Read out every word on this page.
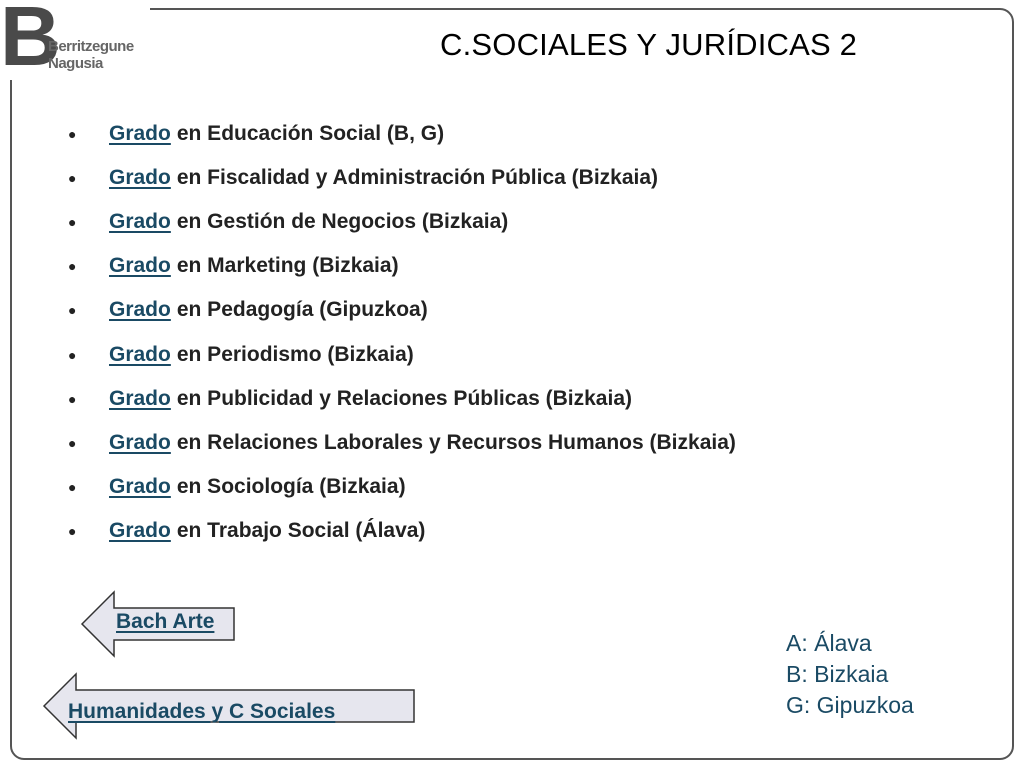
B
Berritzegune
Nagusia
C.SOCIALES Y JURÍDICAS 2
●	Grado en Educación Social (B, G)
●	Grado en Fiscalidad y Administración Pública (Bizkaia)
●	Grado en Gestión de Negocios (Bizkaia)
●	Grado en Marketing (Bizkaia)
●	Grado en Pedagogía (Gipuzkoa)
●	Grado en Periodismo (Bizkaia)
●	Grado en Publicidad y Relaciones Públicas (Bizkaia)
●	Grado en Relaciones Laborales y Recursos Humanos (Bizkaia)
●	Grado en Sociología (Bizkaia)
●	Grado en Trabajo Social (Álava)
Bach Arte
Humanidades y C Sociales
A: Álava
B: Bizkaia
G: Gipuzkoa
